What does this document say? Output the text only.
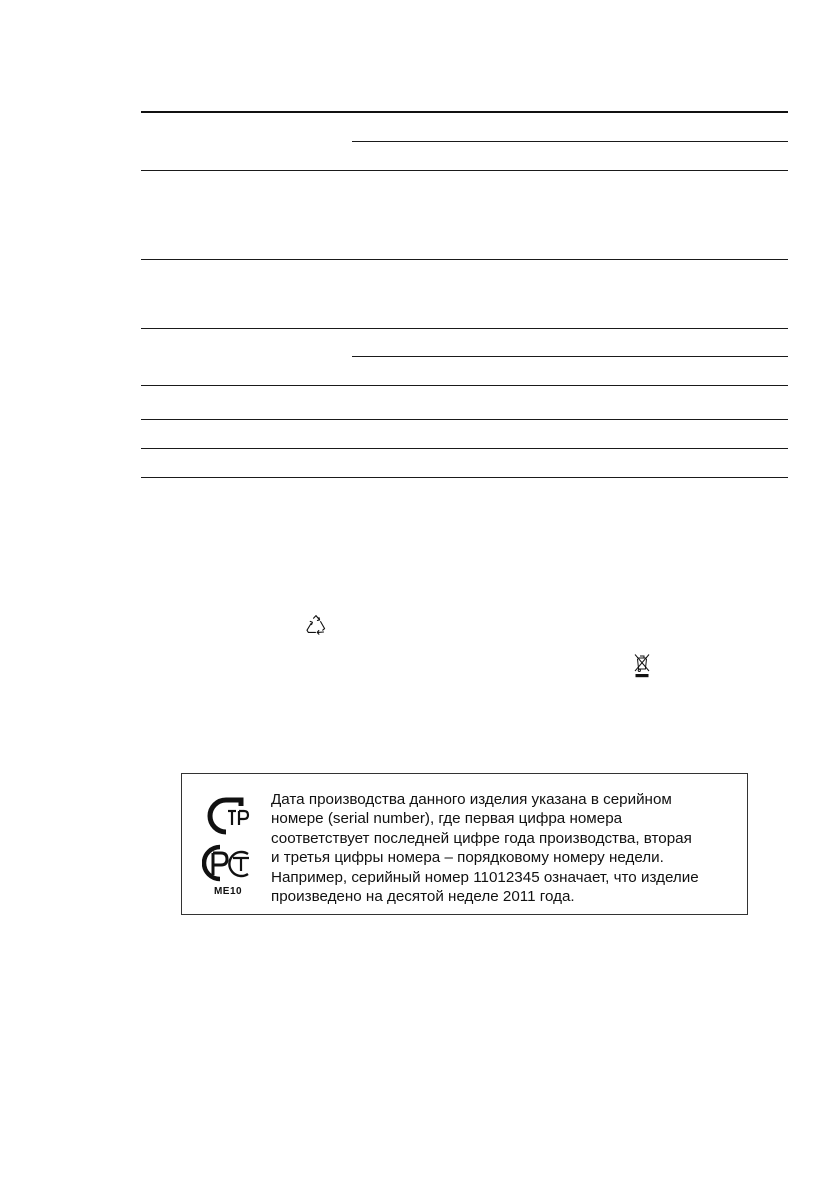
МЕ10
Дата производства данного изделия указана в серийном
номере (serial number), где первая цифра номера
соответствует последней цифре года производства, вторая
и третья цифры номера – порядковому номеру недели.
Например, серийный номер 11012345 означает, что изделие
произведено на десятой неделе 2011 года.
